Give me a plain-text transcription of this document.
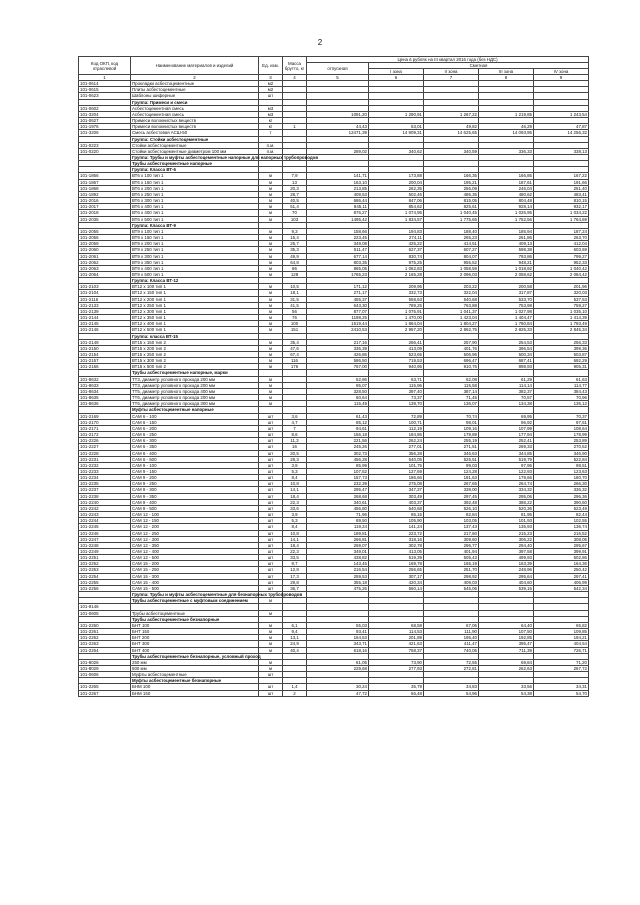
2
Код ОКП, код отраслевой	Наименование материалов и изделий	Ед. изм.	Масса брутто, кг	Цена в рублях на III квартал 2016 года (без НДС)				
				отпускная	Сметная			
					I зона	II зона	III зона	IV зона
1	2	3	4	5	6	7	8	9
101-0614	Прокладки асбестоцементные	м2						
101-0615	Плиты асбестоцементные	м2						
101-0623	Шаблоны шиферные	шт						
	Группа: Примеси и смеси							
101-0602	Асбестоцементная смесь	м3						
101-3204	Асбестоцементная смесь	м3		1091,20	1 290,91	1 267,22	1 219,85	1 243,54
101-0627	Примеси волокнистых веществ	кг						
101-1976	Примеси волокнистых веществ	кг	1	44,43	53,01	49,82	46,29	47,87
101-3206	Смесь асбестовая АСШ-50	т		12471,39	14 909,31	14 625,65	14 093,95	14 256,32
	Группа: Стойки асбестоцементные							
101-0223	Стойки асбестоцементные	п.м.						
101-0220	Стойки асбестоцементные диаметром 100 мм	п.м.		289,02	340,62	340,59	336,33	338,13
	Группа: Трубы и муфты асбестоцементные напорные для напорных трубопроводов							
	Трубы асбестоцементные напорные							
	Группа: Класса ВТ-6							
101-1866	ВТ6 х 100 тип 1	м	7,9	141,71	173,88	166,35	166,85	167,22
101-1867	ВТ6 х 150 тип 1	м	13	163,10	200,04	195,21	187,61	191,66
101-1868	ВТ6 х 200 тип 1	м	20,3	213,85	262,35	256,09	246,04	251,40
101-1892	ВТ6 х 250 тип 1	м	28,7	409,53	502,46	486,35	480,62	483,41
101-2016	ВТ6 х 300 тип 1	м	40,5	686,44	847,06	815,05	804,48	810,15
101-2017	ВТ6 х 400 тип 1	м	51,4	845,11	854,62	825,61	928,14	932,17
101-2018	ВТ6 х 400 тип 1	м	70	876,27	1 074,95	1 040,45	1 026,95	1 034,22
101-2035	ВТ6 х 500 тип 1	м	103	1495,42	1 834,57	1 775,65	1 752,56	1 764,69
	Группа: Класса ВТ-9							
101-2055	ВТ9 х 100 тип 1	м	9,3	158,66	194,83	188,40	185,94	187,24
101-2056	ВТ9 х 150 тип 1	м	15,4	223,45	274,11	265,23	261,86	263,70
101-2059	ВТ9 х 200 тип 1	м	25,7	349,08	425,22	414,51	409,13	412,04
101-2060	ВТ9 х 250 тип 1	м	35,3	511,47	627,37	607,27	598,38	603,69
101-2061	ВТ9 х 300 тип 1	м	49,9	677,14	830,74	804,07	793,86	799,27
101-2062	ВТ9 х 350 тип 1	м	64,8	803,35	975,25	955,52	948,21	952,33
101-2063	ВТ9 х 400 тип 1	м	86	865,05	1 062,83	1 058,59	1 018,92	1 040,42
101-2064	ВТ9 х 500 тип 1	м	128	1765,23	2 165,28	2 096,03	2 058,62	2 084,42
	Группа: Класса ВТ-12							
101-2103	ВТ12 х 100 тип 1	м	10,5	171,12	209,95	203,22	200,58	201,96
101-2104	ВТ12 х 150 тип 1	м	18,1	271,17	332,73	322,04	317,87	320,03
101-2116	ВТ12 х 200 тип 1	м	31,5	455,37	558,63	540,68	533,70	537,53
101-2133	ВТ12 х 250 тип 1	м	41,5	643,30	789,25	763,88	753,98	759,27
101-2139	ВТ12 х 300 тип 1	м	56	877,07	1 075,91	1 041,37	1 027,98	1 035,10
101-2144	ВТ12 х 350 тип 1	м	76	1198,25	1 470,00	1 423,04	1 404,47	1 414,39
101-2145	ВТ12 х 400 тип 1	м	100	1519,44	1 864,04	1 804,27	1 780,84	1 793,49
101-2146	ВТ12 х 500 тип 1	м	151	2410,53	2 957,20	2 862,75	2 825,33	2 845,34
	Группа: класса ВТ-15							
101-2149	ВТ15 х 150 тип 2	м	35,4	217,16	266,41	257,90	254,53	256,33
101-2150	ВТ15 х 200 тип 2	м	47,6	336,39	413,09	401,76	396,54	399,36
101-2154	ВТ15 х 250 тип 2	м	67,4	426,86	523,65	506,96	500,34	503,87
101-2157	ВТ15 х 300 тип 2	м	116	586,50	719,53	696,47	687,41	692,29
101-2166	ВТ15 х 500 тип 2	м	176	767,00	940,95	910,76	898,93	905,31
	Трубы асбестоцементные напорные, марки							
101-8632	ТТ3, диаметр условного прохода 200 мм	м		52,86	63,71	62,08	61,29	61,63
101-8633	ТТ3, диаметр условного прохода 200 мм	м		95,07	115,96	115,58	114,14	114,77
101-8634	ТТ5, диаметр условного прохода 400 мм	м		328,50	397,40	387,14	382,37	384,43
101-8635	ТТ6, диаметр условного прохода 200 мм	м		60,64	73,37	71,45	70,57	70,96
101-8636	ТТ6, диаметр условного прохода 300 мм	м		115,49	139,70	136,07	134,38	135,12
	Муфты асбестоцементные напорные							
101-2169	САМ 6 - 100	шт	3,6	61,43	72,89	70,74	69,95	70,37
101-2170	САМ 6 - 150	шт	4,7	85,12	100,71	98,01	96,92	97,51
101-2171	САМ 6 - 200	шт	7	94,61	112,19	109,16	107,99	108,64
101-2172	САМ 6 - 250	шт	8,6	156,18	184,86	179,89	177,94	178,99
101-2226	САМ 6 - 300	шт	11,3	221,56	262,24	255,19	252,41	253,89
101-2227	САМ 6 - 350	шт	16	245,26	277,01	271,51	269,33	270,52
101-2228	САМ 6 - 400	шт	20,5	302,73	356,28	346,63	344,85	346,90
101-2231	САМ 6 - 500	шт	28,3	456,28	540,05	525,51	519,79	522,84
101-2232	САМ 9 - 100	шт	3,9	85,99	101,75	99,03	97,95	98,51
101-2233	САМ 9 - 150	шт	5,3	107,52	127,69	124,28	122,93	123,63
101-2234	САМ 9 - 200	шт	8,4	157,73	186,66	181,63	179,66	180,70
101-2235	САМ 9 - 250	шт	10,8	232,39	275,08	267,65	264,74	266,30
101-2237	САМ 9 - 300	шт	14,1	295,47	347,37	338,00	334,32	336,32
101-2238	САМ 9 - 350	шт	18,4	268,68	303,49	297,45	295,06	296,36
101-2240	САМ 9 - 400	шт	22,3	340,61	403,37	392,48	388,22	390,50
101-2242	САМ 9 - 500	шт	33,6	456,80	540,68	526,10	520,36	523,49
101-2243	САМ 12 - 100	шт	3,9	71,96	85,15	82,84	81,95	82,44
101-2244	САМ 12 - 150	шт	5,3	89,50	105,90	103,05	101,93	102,55
101-2245	САМ 12 - 200	шт	8,4	119,24	141,24	137,43	135,93	136,74
101-2246	САМ 12 - 250	шт	10,8	189,81	223,72	217,60	215,23	216,52
101-2247	САМ 12 - 300	шт	14,1	266,81	318,16	309,60	306,22	308,05
101-2248	САМ 12 - 350	шт	18,4	269,07	302,78	296,77	294,40	295,67
101-2249	САМ 12 - 400	шт	22,3	349,01	413,05	401,94	397,58	399,91
101-2251	САМ 12 - 500	шт	33,5	438,82	519,39	505,43	499,93	502,86
101-2252	САМ 15 - 200	шт	8,7	143,45	169,78	165,19	163,39	164,36
101-2253	САМ 15 - 250	шт	12,8	216,54	256,65	251,70	248,96	250,42
101-2254	САМ 15 - 300	шт	17,3	259,53	307,17	298,92	295,64	297,41
101-2255	САМ 15 - 400	шт	29,8	355,18	420,34	409,03	404,60	406,99
101-2256	САМ 15 - 500	шт	36,7	475,26	560,14	545,06	539,15	542,34
	Группа: Трубы и муфты асбестоцементные для безнапорных трубопроводов							
	Трубы асбестоцементные с муфтовым соединением	м						
101-9146								
101-0605	Трубы асбестоцементные	м						
	Трубы асбестоцементные безнапорные							
101-2260	БНТ 100	м	6,1	55,03	68,58	67,06	64,40	65,82
101-2261	БНТ 150	м	9,4	93,41	114,53	111,90	107,50	109,85
101-2262	БНТ 200	м	13,1	164,53	201,89	195,40	192,85	194,21
101-2263	БНТ 300	м	24,9	343,71	421,63	411,47	395,47	404,54
101-2264	БНТ 400	м	40,4	618,16	758,37	740,05	711,39	726,71
	Трубы асбестоцементные безнапорные, условный проход							
101-8026	250 мм	м		61,05	73,90	72,55	69,84	71,20
101-8029	500 мм	м		229,68	277,93	272,81	262,63	267,72
101-0606	Муфты асбестоцементные	шт						
	Муфты асбестоцементные безнапорные							
101-2265	БНМ 100	шт	1,4	30,24	35,79	34,83	33,56	34,31
101-2267	БНМ 150	шт	2	47,72	56,48	54,96	54,38	54,70
